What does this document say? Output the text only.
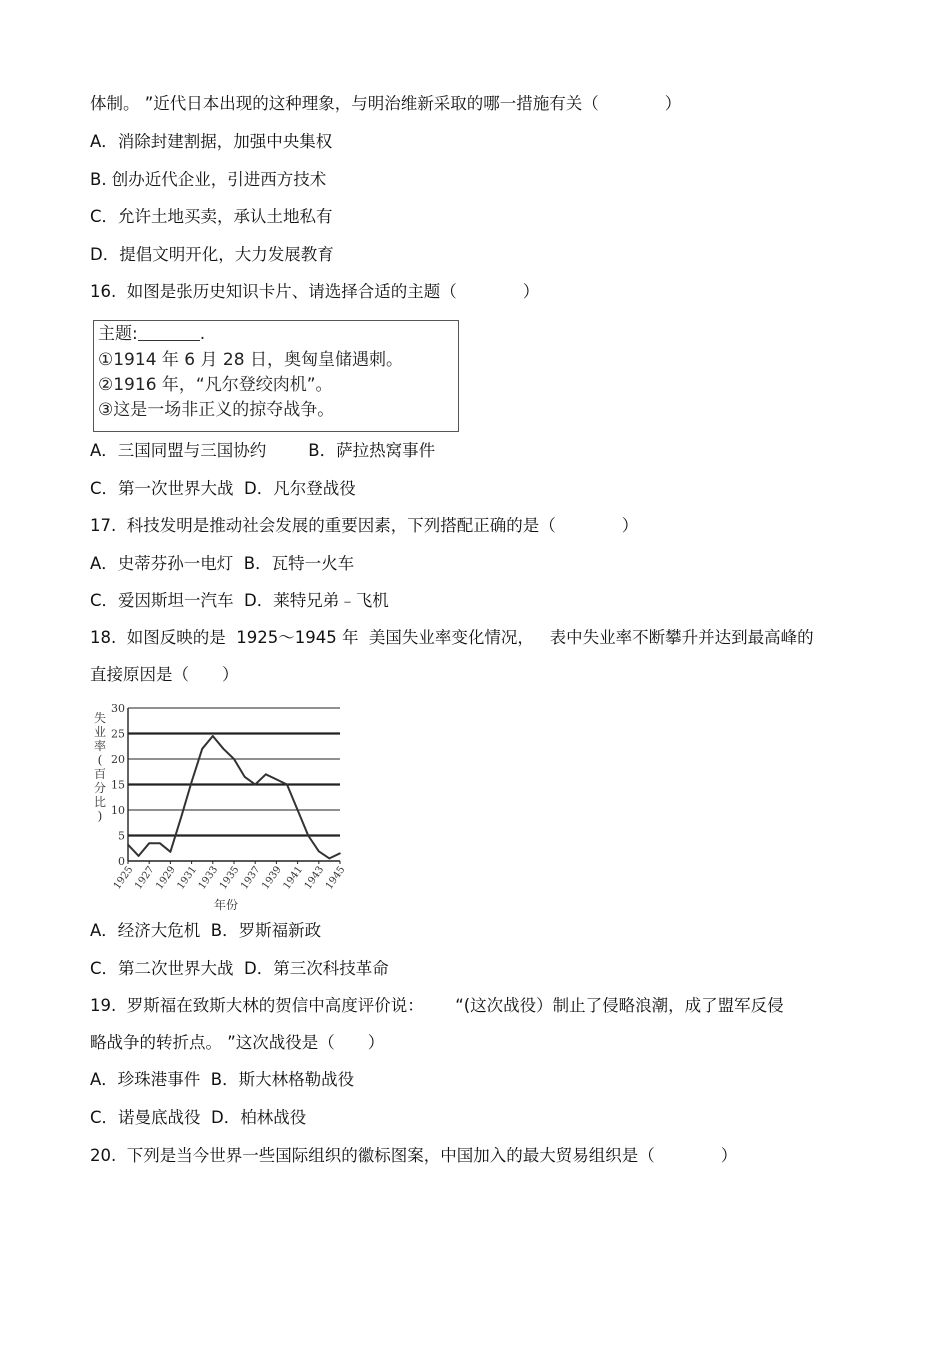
体制。 ”近代日本出现的这种理象，与明治维新采取的哪一措施有关（　　　　）
A．消除封建割据，加强中央集权
B. 创办近代企业，引进西方技术
C．允许土地买卖，承认土地私有
D．提倡文明开化，大力发展教育
16.  如图是张历史知识卡片、请选择合适的主题（　　　　）
主题:	.
①1914 年 6 月 28 日，奥匈皇储遇刺。
②1916 年，“凡尔登绞肉机”。
③这是一场非正义的掠夺战争。
A．三国同盟与三国协约        B．萨拉热窝事件
C．第一次世界大战  D．凡尔登战役
17.  科技发明是推动社会发展的重要因素，下列搭配正确的是（　　　　）
A．史蒂芬孙一电灯  B．瓦特一火车
C．爱因斯坦一汽车  D．莱特兄弟﹣飞机
18.  如图反映的是  1925～1945 年  美国失业率变化情况，   表中失业率不断攀升并达到最高峰的
直接原因是（　　）
0
5
10
15
20
25
30
1925
1927
1929
1931
1933
1935
1937
1939
1941
1943
1945
失
业
率
(
百
分
比
)
年份
A．经济大危机  B．罗斯福新政
C．第二次世界大战  D．第三次科技革命
19.  罗斯福在致斯大林的贺信中高度评价说：      “(这次战役）制止了侵略浪潮，成了盟军反侵
略战争的转折点。 ”这次战役是（　　）
A．珍珠港事件  B．斯大林格勒战役
C．诺曼底战役  D．柏林战役
20.  下列是当今世界一些国际组织的徽标图案，中国加入的最大贸易组织是（　　　　）
